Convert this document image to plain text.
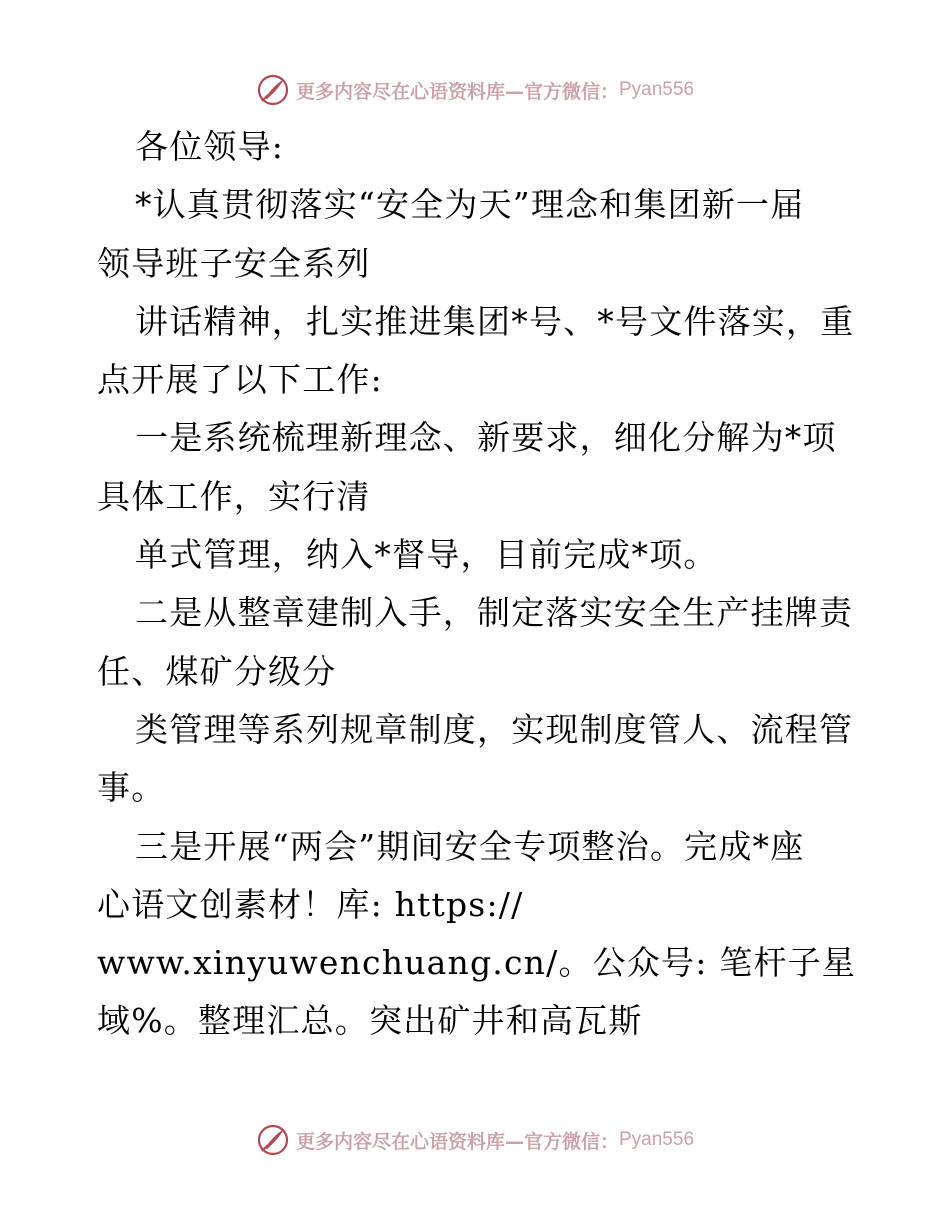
更多内容尽在心语资料库—官方微信： Pyan556
各位领导:
*认真贯彻落实“安全为天”理念和集团新一届
领导班子安全系列
讲话精神，扎实推进集团*号、*号文件落实，重
点开展了以下工作:
一是系统梳理新理念、新要求，细化分解为*项
具体工作，实行清
单式管理，纳入*督导，目前完成*项。
二是从整章建制入手，制定落实安全生产挂牌责
任、煤矿分级分
类管理等系列规章制度，实现制度管人、流程管
事。
三是开展“两会”期间安全专项整治。完成*座
心语文创素材！库: https://
www.xinyuwenchuang.cn/。公众号: 笔杆子星
域%。整理汇总。突出矿井和高瓦斯
更多内容尽在心语资料库—官方微信： Pyan556
